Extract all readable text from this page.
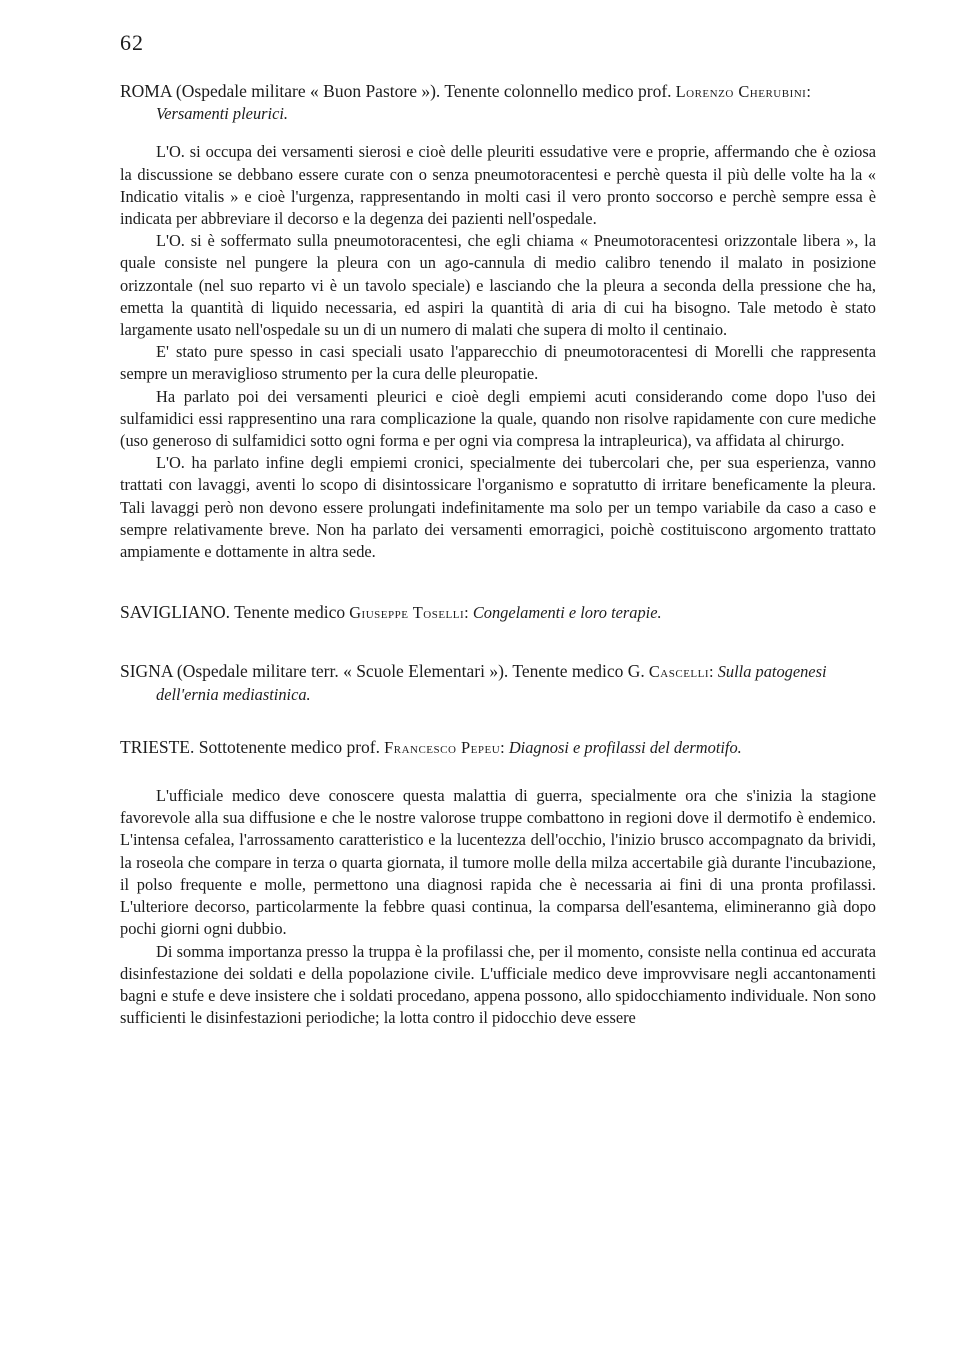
62

ROMA (Ospedale militare « Buon Pastore »). Tenente colonnello medico prof. Lorenzo Cherubini: Versamenti pleurici.

L'O. si occupa dei versamenti sierosi e cioè delle pleuriti essudative vere e proprie, affermando che è oziosa la discussione se debbano essere curate con o senza pneumotoracentesi e perchè questa il più delle volte ha la « Indicatio vitalis » e cioè l'urgenza, rappresentando in molti casi il vero pronto soccorso e perchè sempre essa è indicata per abbreviare il decorso e la degenza dei pazienti nell'ospedale.

L'O. si è soffermato sulla pneumotoracentesi, che egli chiama « Pneumotoracentesi orizzontale libera », la quale consiste nel pungere la pleura con un ago-cannula di medio calibro tenendo il malato in posizione orizzontale (nel suo reparto vi è un tavolo speciale) e lasciando che la pleura a seconda della pressione che ha, emetta la quantità di liquido necessaria, ed aspiri la quantità di aria di cui ha bisogno. Tale metodo è stato largamente usato nell'ospedale su un di un numero di malati che supera di molto il centinaio.

E' stato pure spesso in casi speciali usato l'apparecchio di pneumotoracentesi di Morelli che rappresenta sempre un meraviglioso strumento per la cura delle pleuropatie.

Ha parlato poi dei versamenti pleurici e cioè degli empiemi acuti considerando come dopo l'uso dei sulfamidici essi rappresentino una rara complicazione la quale, quando non risolve rapidamente con cure mediche (uso generoso di sulfamidici sotto ogni forma e per ogni via compresa la intrapleurica), va affidata al chirurgo.

L'O. ha parlato infine degli empiemi cronici, specialmente dei tubercolari che, per sua esperienza, vanno trattati con lavaggi, aventi lo scopo di disintossicare l'organismo e sopratutto di irritare beneficamente la pleura. Tali lavaggi però non devono essere prolungati indefinitamente ma solo per un tempo variabile da caso a caso e sempre relativamente breve. Non ha parlato dei versamenti emorragici, poichè costituiscono argomento trattato ampiamente e dottamente in altra sede.

SAVIGLIANO. Tenente medico Giuseppe Toselli: Congelamenti e loro terapie.

SIGNA (Ospedale militare terr. « Scuole Elementari »). Tenente medico G. Cascelli: Sulla patogenesi dell'ernia mediastinica.

TRIESTE. Sottotenente medico prof. Francesco Pepeu: Diagnosi e profilassi del dermotifo.

L'ufficiale medico deve conoscere questa malattia di guerra, specialmente ora che s'inizia la stagione favorevole alla sua diffusione e che le nostre valorose truppe combattono in regioni dove il dermotifo è endemico. L'intensa cefalea, l'arrossamento caratteristico e la lucentezza dell'occhio, l'inizio brusco accompagnato da brividi, la roseola che compare in terza o quarta giornata, il tumore molle della milza accertabile già durante l'incubazione, il polso frequente e molle, permettono una diagnosi rapida che è necessaria ai fini di una pronta profilassi. L'ulteriore decorso, particolarmente la febbre quasi continua, la comparsa dell'esantema, elimineranno già dopo pochi giorni ogni dubbio.

Di somma importanza presso la truppa è la profilassi che, per il momento, consiste nella continua ed accurata disinfestazione dei soldati e della popolazione civile. L'ufficiale medico deve improvvisare negli accantonamenti bagni e stufe e deve insistere che i soldati procedano, appena possono, allo spidocchiamento individuale. Non sono sufficienti le disinfestazioni periodiche; la lotta contro il pidocchio deve essere
